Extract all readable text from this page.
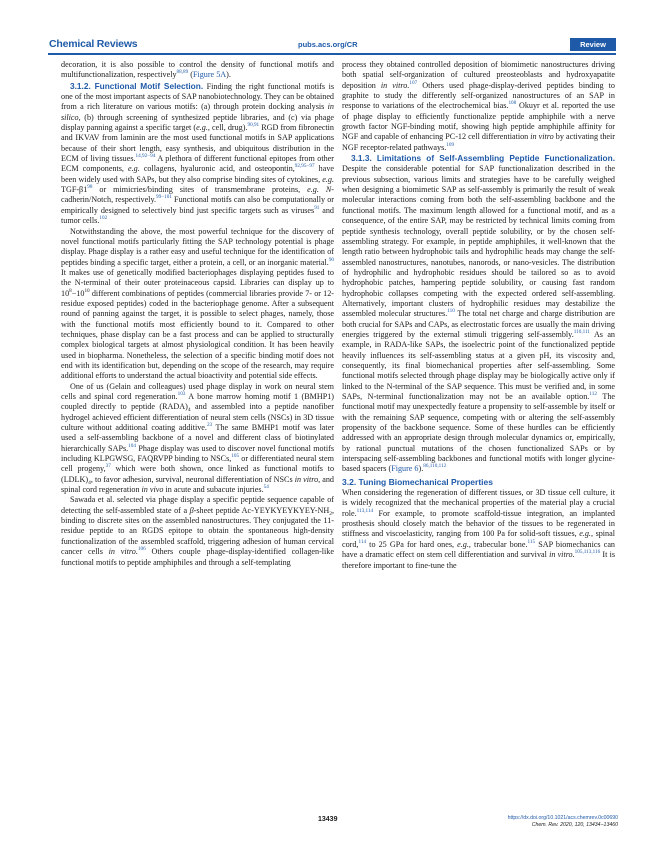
Chemical Reviews	pubs.acs.org/CR	Review

decoration, it is also possible to control the density of functional motifs and multifunctionalization, respectively$^{88,89}$ (Figure 5A).

3.1.2. Functional Motif Selection. Finding the right functional motifs is one of the most important aspects of SAP nanobiotechnology. They can be obtained from a rich literature on various motifs: (a) through protein docking analysis in silico, (b) through screening of synthesized peptide libraries, and (c) via phage display panning against a specific target (e.g., cell, drug).$^{90,91}$ RGD from fibronectin and IKVAV from laminin are the most used functional motifs in SAP applications because of their short length, easy synthesis, and ubiquitous distribution in the ECM of living tissues.$^{14,92-94}$ A plethora of different functional epitopes from other ECM components, e.g. collagens, hyaluronic acid, and osteopontin,$^{92,95-97}$ have been widely used with SAPs, but they also comprise binding sites of cytokines, e.g. TGF-$\beta 1^{98}$ or mimicries/binding sites of transmembrane proteins, e.g. N-cadherin/Notch, respectively.$^{99-101}$ Functional motifs can also be computationally or empirically designed to selectively bind just specific targets such as viruses$^{91}$ and tumor cells.$^{102}$

Notwithstanding the above, the most powerful technique for the discovery of novel functional motifs particularly fitting the SAP technology potential is phage display. Phage display is a rather easy and useful technique for the identification of peptides binding a specific target, either a protein, a cell, or an inorganic material.$^{90}$ It makes use of genetically modified bacteriophages displaying peptides fused to the N-terminal of their outer proteinaceous capsid. Libraries can display up to $10^8-10^{10}$ different combinations of peptides (commercial libraries provide 7- or 12-residue exposed peptides) coded in the bacteriophage genome. After a subsequent round of panning against the target, it is possible to select phages, namely, those with the functional motifs most efficiently bound to it. Compared to other techniques, phase display can be a fast process and can be applied to structurally complex biological targets at almost physiological condition. It has been heavily used in biopharma. Nonetheless, the selection of a specific binding motif does not end with its identification but, depending on the scope of the research, may require additional efforts to understand the actual bioactivity and potential side effects.

One of us (Gelain and colleagues) used phage display in work on neural stem cells and spinal cord regeneration.$^{103}$ A bone marrow homing motif 1 (BMHP1) coupled directly to peptide $(RADA)_4$ and assembled into a peptide nanofiber hydrogel achieved efficient differentiation of neural stem cells (NSCs) in 3D tissue culture without additional coating additive.$^{23}$ The same BMHP1 motif was later used a self-assembling backbone of a novel and different class of biotinylated hierarchically SAPs.$^{104}$ Phage display was used to discover novel functional motifs including KLPGWSG, FAQRVPP binding to NSCs,$^{105}$ or differentiated neural stem cell progeny,$^{37}$ which were both shown, once linked as functional motifs to $(LDLK)_4$, to favor adhesion, survival, neuronal differentiation of NSCs in vitro, and spinal cord regeneration in vivo in acute and subacute injuries.$^{54}$

Sawada et al. selected via phage display a specific peptide sequence capable of detecting the self-assembled state of a β-sheet peptide $Ac-YEYKYEYKYEY-NH_2$, binding to discrete sites on the assembled nanostructures. They conjugated the 11-residue peptide to an RGDS epitope to obtain the spontaneous high-density functionalization of the assembled scaffold, triggering adhesion of human cervical cancer cells in vitro.$^{106}$ Others couple phage-display-identified collagen-like functional motifs to peptide amphiphiles and through a self-templating

process they obtained controlled deposition of biomimetic nanostructures driving both spatial self-organization of cultured preosteoblasts and hydroxyapatite deposition in vitro.$^{107}$ Others used phage-display-derived peptides binding to graphite to study the differently self-organized nanostructures of an SAP in response to variations of the electrochemical bias.$^{108}$ Okuyr et al. reported the use of phage display to efficiently functionalize peptide amphiphile with a nerve growth factor NGF-binding motif, showing high peptide amphiphile affinity for NGF and capable of enhancing PC-12 cell differentiation in vitro by activating their NGF receptor-related pathways.$^{109}$

3.1.3. Limitations of Self-Assembling Peptide Functionalization. Despite the considerable potential for SAP functionalization described in the previous subsection, various limits and strategies have to be carefully weighed when designing a biomimetic SAP as self-assembly is primarily the result of weak molecular interactions coming from both the self-assembling backbone and the functional motifs. The maximum length allowed for a functional motif, and as a consequence, of the entire SAP, may be restricted by technical limits coming from peptide synthesis technology, overall peptide solubility, or by the chosen self-assembling strategy. For example, in peptide amphiphiles, it well-known that the length ratio between hydrophobic tails and hydrophilic heads may change the self-assembled nanostructures, nanotubes, nanorods, or nano-vesicles. The distribution of hydrophilic and hydrophobic residues should be tailored so as to avoid hydrophobic patches, hampering peptide solubility, or causing fast random hydrophobic collapses competing with the expected ordered self-assembling. Alternatively, important clusters of hydrophilic residues may destabilize the assembled molecular structures.$^{110}$ The total net charge and charge distribution are both crucial for SAPs and CAPs, as electrostatic forces are usually the main driving energies triggered by the external stimuli triggering self-assembly.$^{110,111}$ As an example, in RADA-like SAPs, the isoelectric point of the functionalized peptide heavily influences its self-assembling status at a given pH, its viscosity and, consequently, its final biomechanical properties after self-assembling. Some functional motifs selected through phage display may be biologically active only if linked to the N-terminal of the SAP sequence. This must be verified and, in some SAPs, N-terminal functionalization may not be an available option.$^{112}$ The functional motif may unexpectedly feature a propensity to self-assemble by itself or with the remaining SAP sequence, competing with or altering the self-assembly propensity of the backbone sequence. Some of these hurdles can be efficiently addressed with an appropriate design through molecular dynamics or, empirically, by rational punctual mutations of the chosen functionalized SAPs or by interspacing self-assembling backbones and functional motifs with longer glycine-based spacers (Figure 6).$^{86,110,112}$

3.2. Tuning Biomechanical Properties

When considering the regeneration of different tissues, or 3D tissue cell culture, it is widely recognized that the mechanical properties of the material play a crucial role.$^{113,114}$ For example, to promote scaffold-tissue integration, an implanted prosthesis should closely match the behavior of the tissues to be regenerated in stiffness and viscoelasticity, ranging from 100 Pa for solid-soft tissues, e.g., spinal cord,$^{114}$ to 25 GPa for hard ones, e.g., trabecular bone.$^{115}$ SAP biomechanics can have a dramatic effect on stem cell differentiation and survival in vitro.$^{105,113,116}$ It is therefore important to fine-tune the

13439	https://dx.doi.org/10.1021/acs.chemrev.0c00690
Chem. Rev. 2020, 120, 13434−13460
